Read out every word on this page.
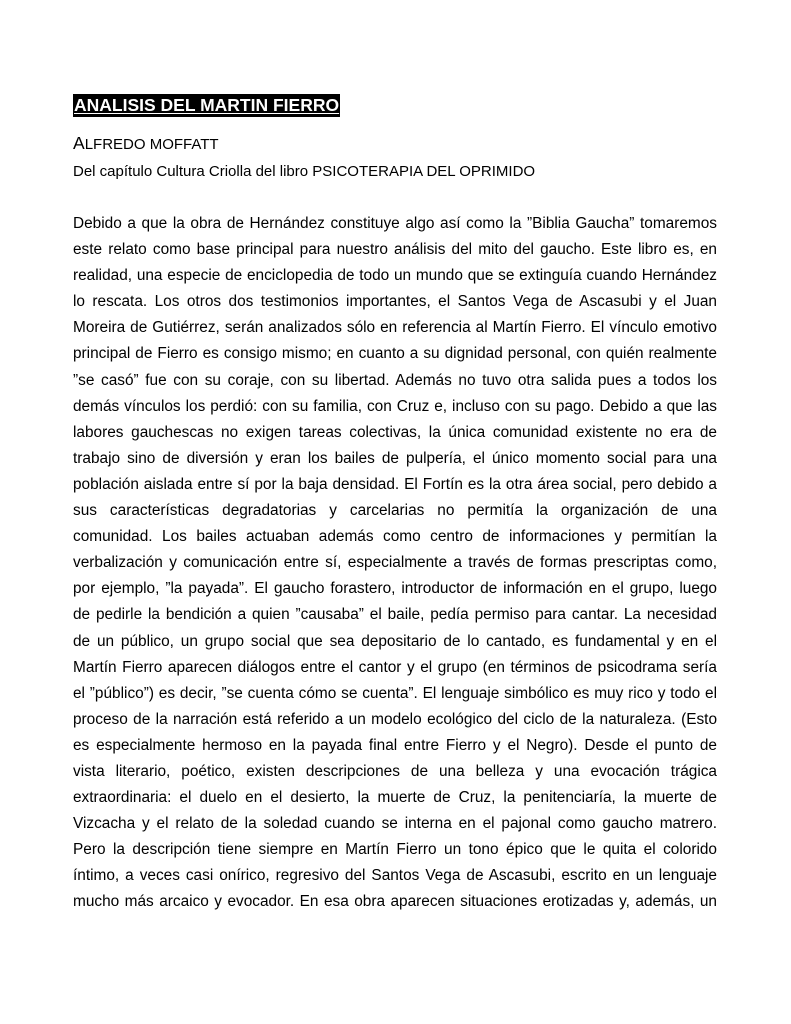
ANALISIS DEL MARTIN FIERRO
ALFREDO MOFFATT
Del capítulo Cultura Criolla del libro PSICOTERAPIA DEL OPRIMIDO
Debido a que la obra de Hernández constituye algo así como la ”Biblia Gaucha” tomaremos
este relato como base principal para nuestro análisis del mito del gaucho. Este libro es, en
realidad, una especie de enciclopedia de todo un mundo que se extinguía cuando Hernández
lo rescata. Los otros dos testimonios importantes, el Santos Vega de Ascasubi y el Juan
Moreira de Gutiérrez, serán analizados sólo en referencia al Martín Fierro. El vínculo emotivo
principal de Fierro es consigo mismo; en cuanto a su dignidad personal, con quién realmente
”se casó” fue con su coraje, con su libertad. Además no tuvo otra salida pues a todos los
demás vínculos los perdió: con su familia, con Cruz e, incluso con su pago. Debido a que las
labores gauchescas no exigen tareas colectivas, la única comunidad existente no era de
trabajo sino de diversión y eran los bailes de pulpería, el único momento social para una
población aislada entre sí por la baja densidad. El Fortín es la otra área social, pero debido a
sus características degradatorias y carcelarias no permitía la organización de una
comunidad. Los bailes actuaban además como centro de informaciones y permitían la
verbalización y comunicación entre sí, especialmente a través de formas prescriptas como,
por ejemplo, ”la payada”. El gaucho forastero, introductor de información en el grupo, luego
de pedirle la bendición a quien ”causaba” el baile, pedía permiso para cantar. La necesidad
de un público, un grupo social que sea depositario de lo cantado, es fundamental y en el
Martín Fierro aparecen diálogos entre el cantor y el grupo (en términos de psicodrama sería
el ”público”) es decir, ”se cuenta cómo se cuenta”. El lenguaje simbólico es muy rico y todo el
proceso de la narración está referido a un modelo ecológico del ciclo de la naturaleza. (Esto
es especialmente hermoso en la payada final entre Fierro y el Negro). Desde el punto de
vista literario, poético, existen descripciones de una belleza y una evocación trágica
extraordinaria: el duelo en el desierto, la muerte de Cruz, la penitenciaría, la muerte de
Vizcacha y el relato de la soledad cuando se interna en el pajonal como gaucho matrero.
Pero la descripción tiene siempre en Martín Fierro un tono épico que le quita el colorido
íntimo, a veces casi onírico, regresivo del Santos Vega de Ascasubi, escrito en un lenguaje
mucho más arcaico y evocador. En esa obra aparecen situaciones erotizadas y, además, un
